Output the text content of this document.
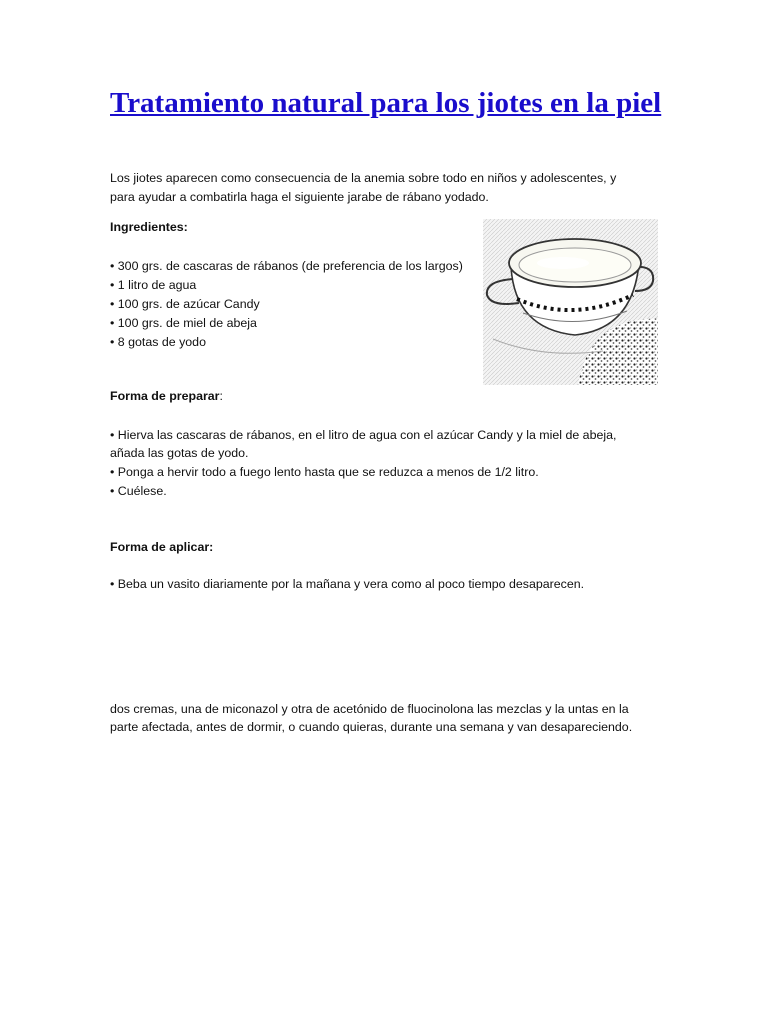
Tratamiento natural para los jiotes en la piel

Los jiotes aparecen como consecuencia de la anemia sobre todo en niños y adolescentes, y

para ayudar a combatirla haga el siguiente jarabe de rábano yodado.

Ingredientes:

• 300 grs. de cascaras de rábanos (de preferencia de los largos)
• 1 litro de agua
• 100 grs. de azúcar Candy
• 100 grs. de miel de abeja
• 8 gotas de yodo

Forma de preparar:

• Hierva las cascaras de rábanos, en el litro de agua con el azúcar Candy y la miel de abeja,

añada las gotas de yodo.

• Ponga a hervir todo a fuego lento hasta que se reduzca a menos de 1/2 litro.

• Cuélese.

Forma de aplicar:

• Beba un vasito diariamente por la mañana y vera como al poco tiempo desaparecen.

dos cremas, una de miconazol y otra de acetónido de fluocinolona las mezclas y la untas en la

parte afectada, antes de dormir, o cuando quieras, durante una semana y van desapareciendo.
